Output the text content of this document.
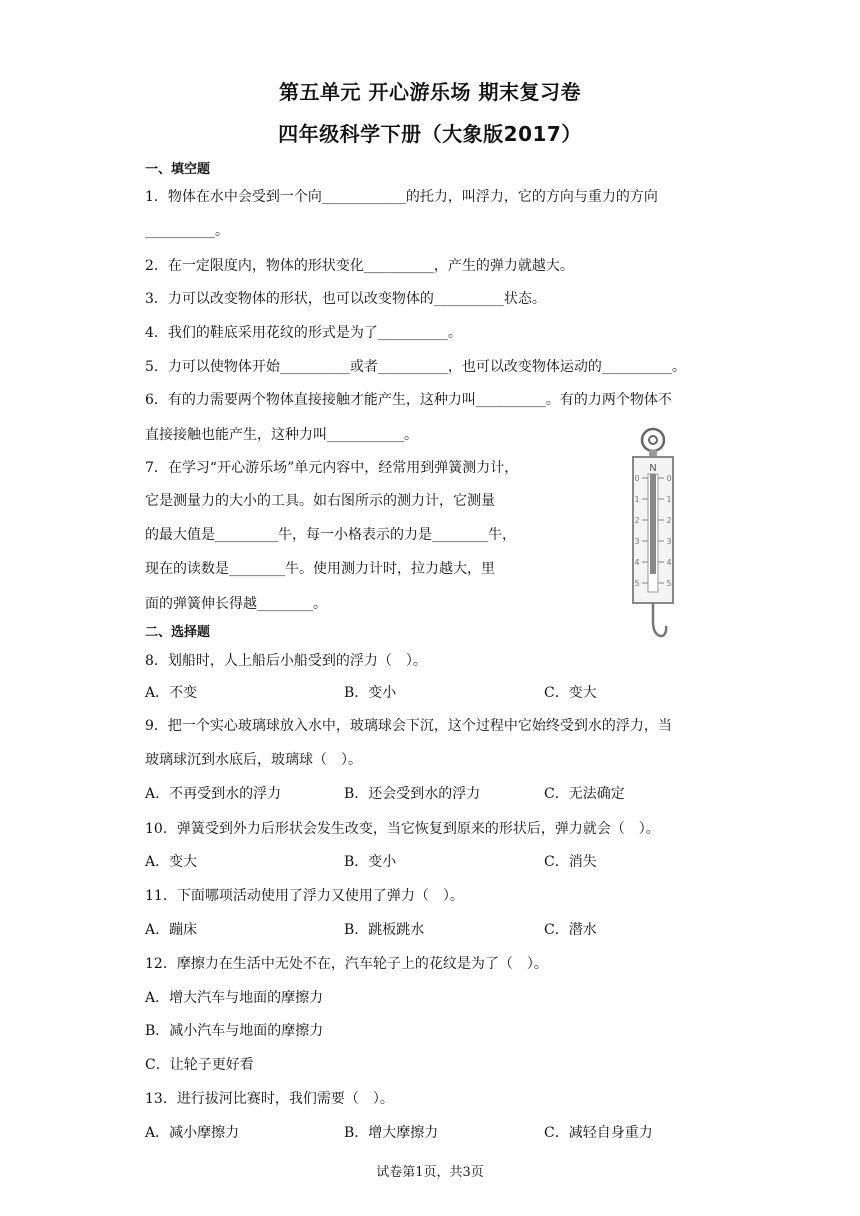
第五单元 开心游乐场 期末复习卷
四年级科学下册（大象版2017）
一、填空题
1．物体在水中会受到一个向____________的托力，叫浮力，它的方向与重力的方向
__________。
2．在一定限度内，物体的形状变化__________，产生的弹力就越大。
3．力可以改变物体的形状，也可以改变物体的__________状态。
4．我们的鞋底采用花纹的形式是为了__________。
5．力可以使物体开始__________或者__________，也可以改变物体运动的__________。
6．有的力需要两个物体直接接触才能产生，这种力叫__________。有的力两个物体不
直接接触也能产生，这种力叫___________。
7．在学习“开心游乐场”单元内容中，经常用到弹簧测力计，
它是测量力的大小的工具。如右图所示的测力计，它测量
的最大值是_________牛，每一小格表示的力是________牛，
现在的读数是________牛。使用测力计时，拉力越大，里
面的弹簧伸长得越________。
N
0
1
2
3
4
5
0
1
2
3
4
5
二、选择题
8．划船时，人上船后小船受到的浮力（　）。
A．不变	B．变小	C．变大
9．把一个实心玻璃球放入水中，玻璃球会下沉，这个过程中它始终受到水的浮力，当
玻璃球沉到水底后，玻璃球（　）。
A．不再受到水的浮力	B．还会受到水的浮力	C．无法确定
10．弹簧受到外力后形状会发生改变，当它恢复到原来的形状后，弹力就会（　）。
A．变大	B．变小	C．消失
11．下面哪项活动使用了浮力又使用了弹力（　）。
A．蹦床	B．跳板跳水	C．潜水
12．摩擦力在生活中无处不在，汽车轮子上的花纹是为了（　）。
A．增大汽车与地面的摩擦力
B．减小汽车与地面的摩擦力
C．让轮子更好看
13．进行拔河比赛时，我们需要（　）。
A．减小摩擦力	B．增大摩擦力	C．减轻自身重力
试卷第1页，共3页
